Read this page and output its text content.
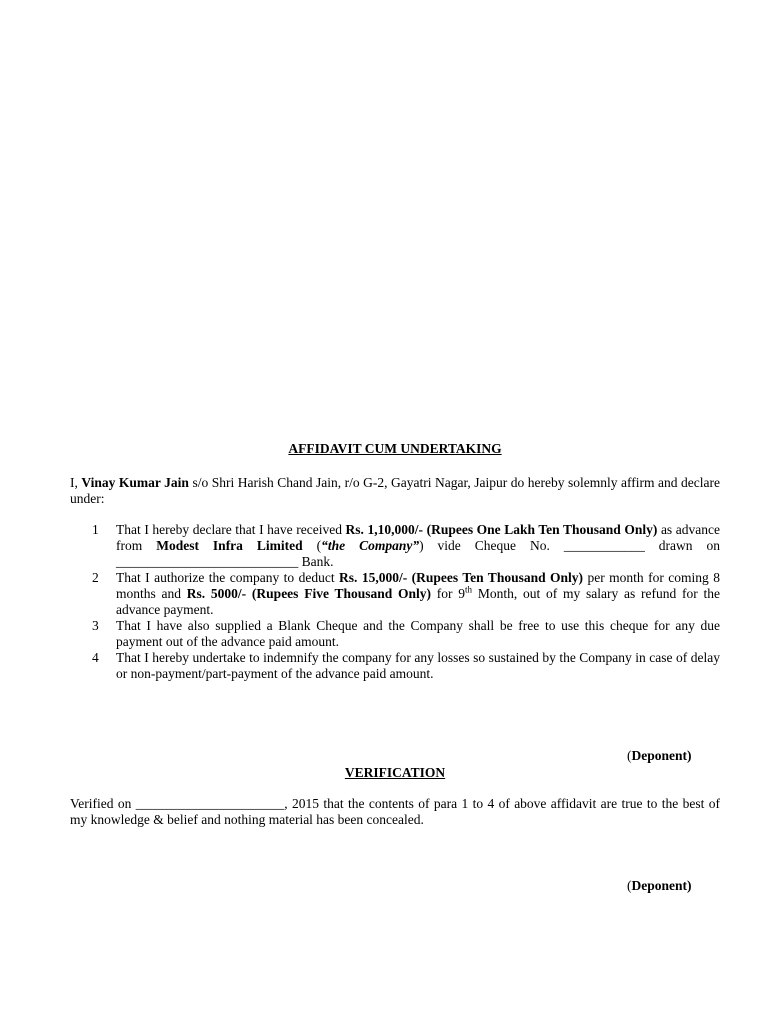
AFFIDAVIT CUM UNDERTAKING
I, Vinay Kumar Jain s/o Shri Harish Chand Jain, r/o G-2, Gayatri Nagar, Jaipur do hereby solemnly affirm and declare under:
1 That I hereby declare that I have received Rs. 1,10,000/- (Rupees One Lakh Ten Thousand Only) as advance from Modest Infra Limited (“the Company”) vide Cheque No. ____________ drawn on ___________________________ Bank.
2 That I authorize the company to deduct Rs. 15,000/- (Rupees Ten Thousand Only) per month for coming 8 months and Rs. 5000/- (Rupees Five Thousand Only) for 9th Month, out of my salary as refund for the advance payment.
3 That I have also supplied a Blank Cheque and the Company shall be free to use this cheque for any due payment out of the advance paid amount.
4 That I hereby undertake to indemnify the company for any losses so sustained by the Company in case of delay or non-payment/part-payment of the advance paid amount.
(Deponent)
VERIFICATION
Verified on ______________________, 2015 that the contents of para 1 to 4 of above affidavit are true to the best of my knowledge & belief and nothing material has been concealed.
(Deponent)
